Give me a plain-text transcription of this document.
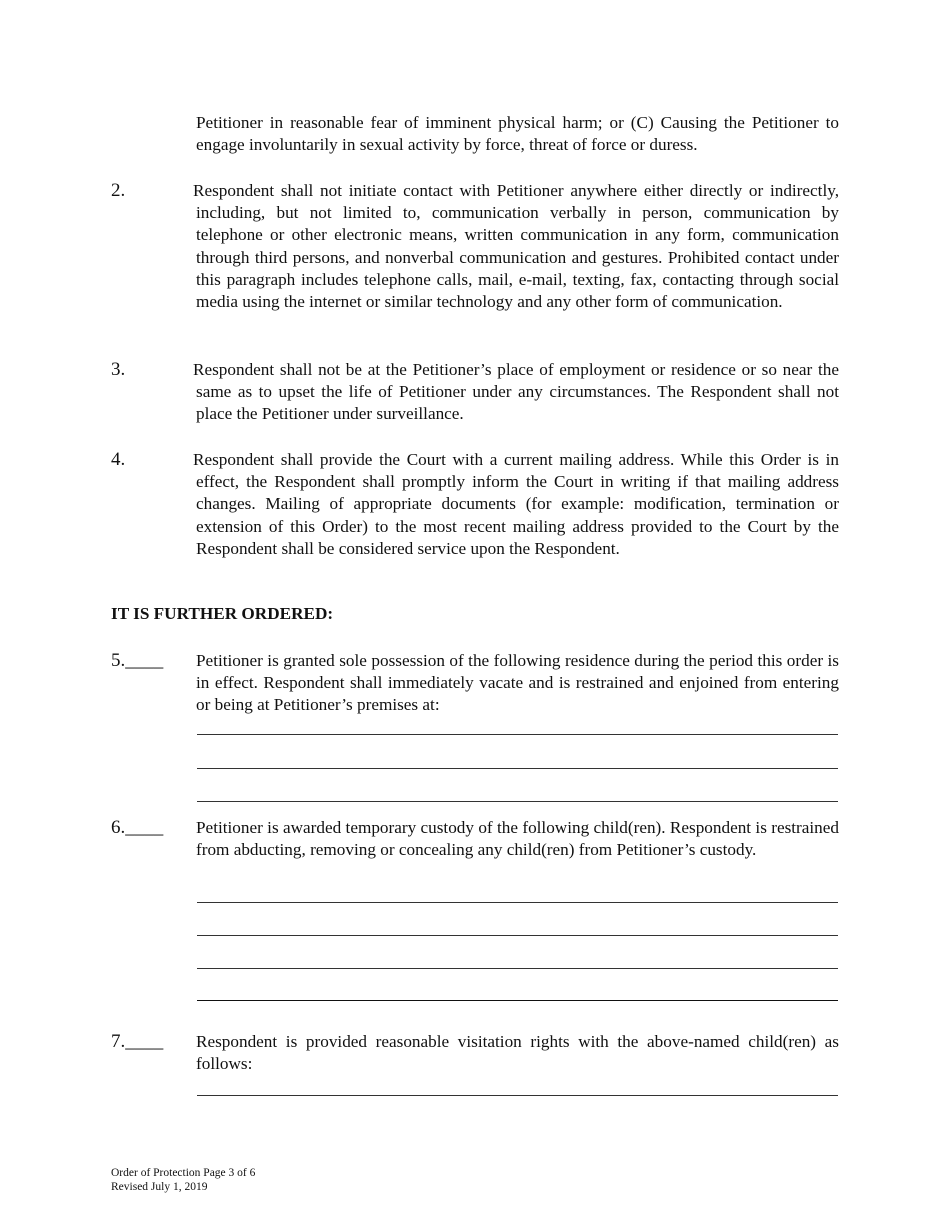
Petitioner in reasonable fear of imminent physical harm; or (C) Causing the Petitioner to engage involuntarily in sexual activity by force, threat of force or duress.

2.	Respondent shall not initiate contact with Petitioner anywhere either directly or indirectly, including, but not limited to, communication verbally in person, communication by telephone or other electronic means, written communication in any form, communication through third persons, and nonverbal communication and gestures. Prohibited contact under this paragraph includes telephone calls, mail, e-mail, texting, fax, contacting through social media using the internet or similar technology and any other form of communication.

3.	Respondent shall not be at the Petitioner’s place of employment or residence or so near the same as to upset the life of Petitioner under any circumstances. The Respondent shall not place the Petitioner under surveillance.

4.	Respondent shall provide the Court with a current mailing address. While this Order is in effect, the Respondent shall promptly inform the Court in writing if that mailing address changes. Mailing of appropriate documents (for example: modification, termination or extension of this Order) to the most recent mailing address provided to the Court by the Respondent shall be considered service upon the Respondent.

IT IS FURTHER ORDERED:

5.____ Petitioner is granted sole possession of the following residence during the period this order is in effect. Respondent shall immediately vacate and is restrained and enjoined from entering or being at Petitioner’s premises at:

6.____ Petitioner is awarded temporary custody of the following child(ren). Respondent is restrained from abducting, removing or concealing any child(ren) from Petitioner’s custody.

7.____ Respondent is provided reasonable visitation rights with the above-named child(ren) as follows:

Order of Protection Page 3 of 6

Revised July 1, 2019
